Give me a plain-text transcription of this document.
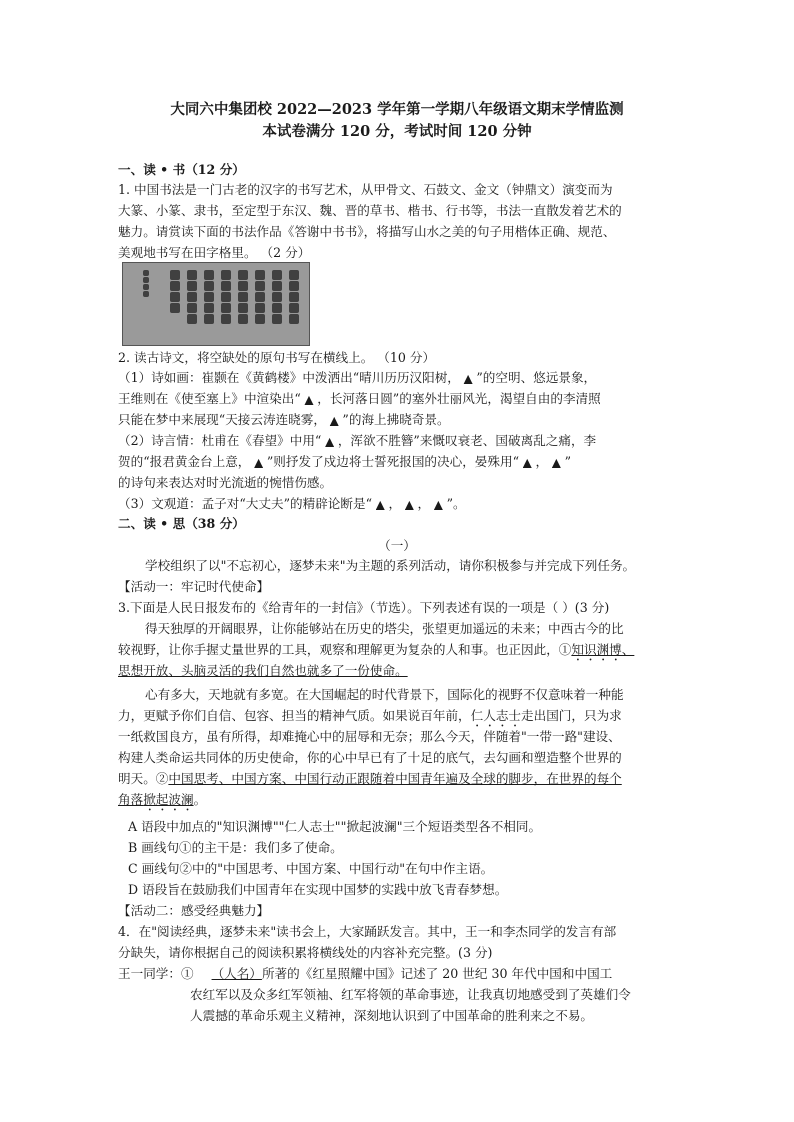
大同六中集团校 2022—2023 学年第一学期八年级语文期末学情监测
本试卷满分 120 分，考试时间 120 分钟
一、读 • 书（12 分）
1. 中国书法是一门古老的汉字的书写艺术，从甲骨文、石鼓文、金文（钟鼎文）演变而为
大篆、小篆、隶书，至定型于东汉、魏、晋的草书、楷书、行书等，书法一直散发着艺术的
魅力。请赏读下面的书法作品《答谢中书书》，将描写山水之美的句子用楷体正确、规范、
美观地书写在田字格里。 （2 分）
2. 读古诗文，将空缺处的原句书写在横线上。 （10 分）
（1）诗如画：崔颢在《黄鹤楼》中泼洒出“晴川历历汉阳树， ▲ ”的空明、悠远景象，
王维则在《使至塞上》中渲染出“ ▲ ，长河落日圆”的塞外壮丽风光，渴望自由的李清照
只能在梦中来展现“天接云涛连晓雾， ▲ ”的海上拂晓奇景。
（2）诗言情：杜甫在《春望》中用“ ▲ ，浑欲不胜簪”来慨叹衰老、国破离乱之痛，李
贺的“报君黄金台上意， ▲ ”则抒发了戍边将士誓死报国的决心，晏殊用“ ▲ ， ▲ ”
的诗句来表达对时光流逝的惋惜伤感。
（3）文观道：孟子对“大丈夫”的精辟论断是“ ▲ ， ▲ ， ▲ ”。
二、读 • 思（38 分）
（一）
学校组织了以"不忘初心，逐梦未来"为主题的系列活动，请你积极参与并完成下列任务。
【活动一：牢记时代使命】
3.下面是人民日报发布的《给青年的一封信》（节选）。下列表述有误的一项是（ ）(3 分)
得天独厚的开阔眼界，让你能够站在历史的塔尖，张望更加遥远的未来；中西古今的比
较视野，让你手握丈量世界的工具，观察和理解更为复杂的人和事。也正因此，①知识渊博、
思想开放、头脑灵活的我们自然也就多了一份使命。
心有多大，天地就有多宽。在大国崛起的时代背景下，国际化的视野不仅意味着一种能
力，更赋予你们自信、包容、担当的精神气质。如果说百年前，仁人志士走出国门，只为求
一纸救国良方，虽有所得，却难掩心中的屈辱和无奈；那么今天，伴随着"一带一路"建设、
构建人类命运共同体的历史使命，你的心中早已有了十足的底气，去勾画和塑造整个世界的
明天。②中国思考、中国方案、中国行动正跟随着中国青年遍及全球的脚步，在世界的每个
角落掀起波澜。
A 语段中加点的"知识渊博""仁人志士""掀起波澜"三个短语类型各不相同。
B 画线句①的主干是：我们多了使命。
C 画线句②中的"中国思考、中国方案、中国行动"在句中作主语。
D 语段旨在鼓励我们中国青年在实现中国梦的实践中放飞青春梦想。
【活动二：感受经典魅力】
4．在"阅读经典，逐梦未来"读书会上，大家踊跃发言。其中，王一和李杰同学的发言有部
分缺失，请你根据自己的阅读积累将横线处的内容补充完整。(3 分)
王一同学：① （人名）所著的《红星照耀中国》记述了 20 世纪 30 年代中国和中国工
农红军以及众多红军领袖、红军将领的革命事迹，让我真切地感受到了英雄们令
人震撼的革命乐观主义精神，深刻地认识到了中国革命的胜利来之不易。
